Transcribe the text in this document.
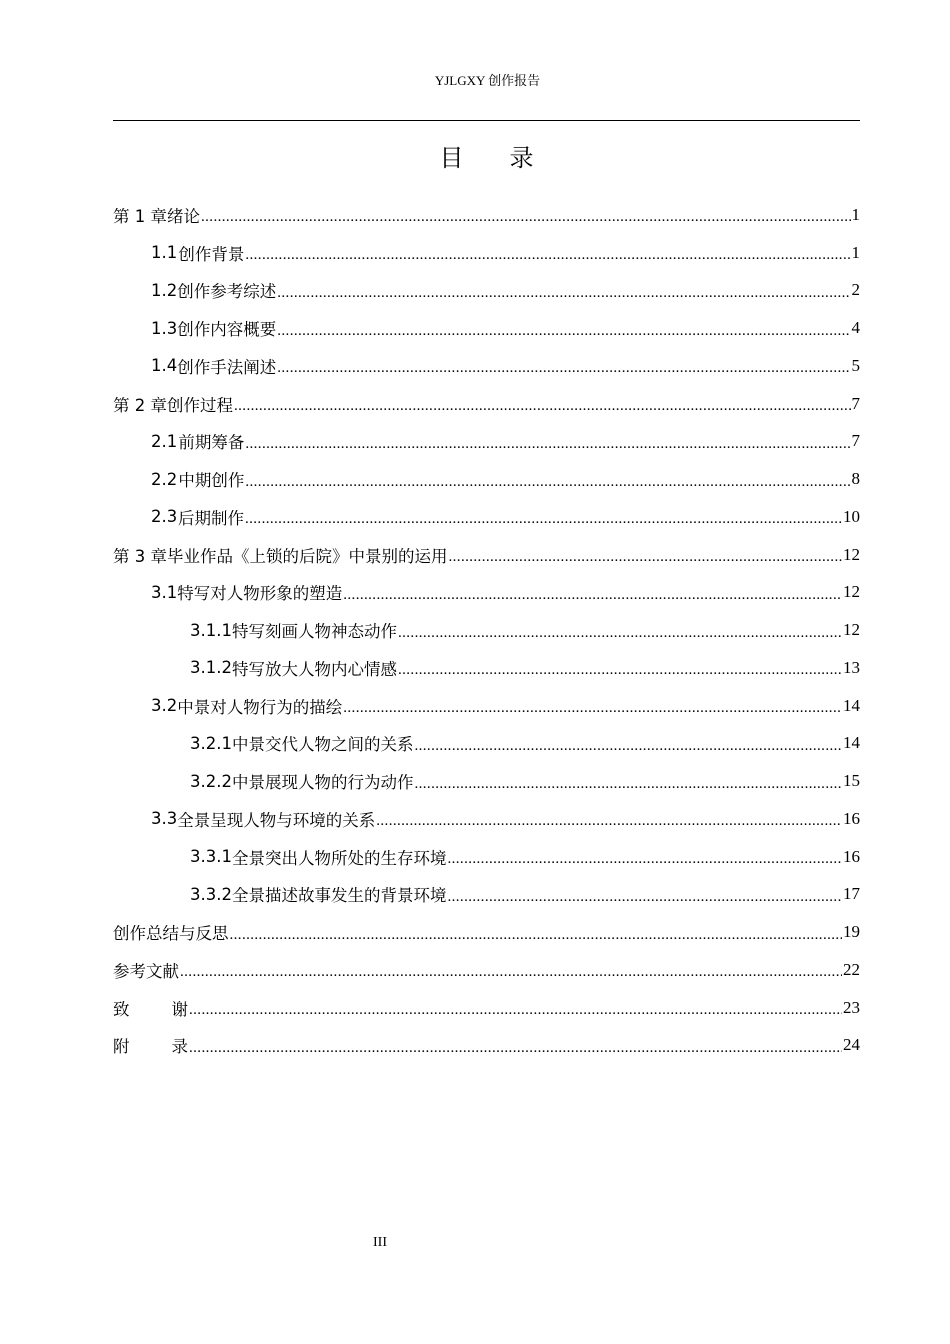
YJLGXY 创作报告
目 录
第 1 章 绪论 .....	1
1.1 创作背景 .....	1
1.2 创作参考综述 .....	2
1.3 创作内容概要 .....	4
1.4 创作手法阐述 .....	5
第 2 章 创作过程 .....	7
2.1 前期筹备 .....	7
2.2 中期创作 .....	8
2.3 后期制作 .....	10
第 3 章 毕业作品《上锁的后院》中景别的运用 .....	12
3.1 特写对人物形象的塑造 .....	12
3.1.1 特写刻画人物神态动作 .....	12
3.1.2 特写放大人物内心情感 .....	13
3.2 中景对人物行为的描绘 .....	14
3.2.1 中景交代人物之间的关系 .....	14
3.2.2 中景展现人物的行为动作 .....	15
3.3 全景呈现人物与环境的关系 .....	16
3.3.1 全景突出人物所处的生存环境 .....	16
3.3.2 全景描述故事发生的背景环境 .....	17
创作总结与反思 .....	19
参考文献 .....	22
致	谢 .....	23
附	录 .....	24
III
